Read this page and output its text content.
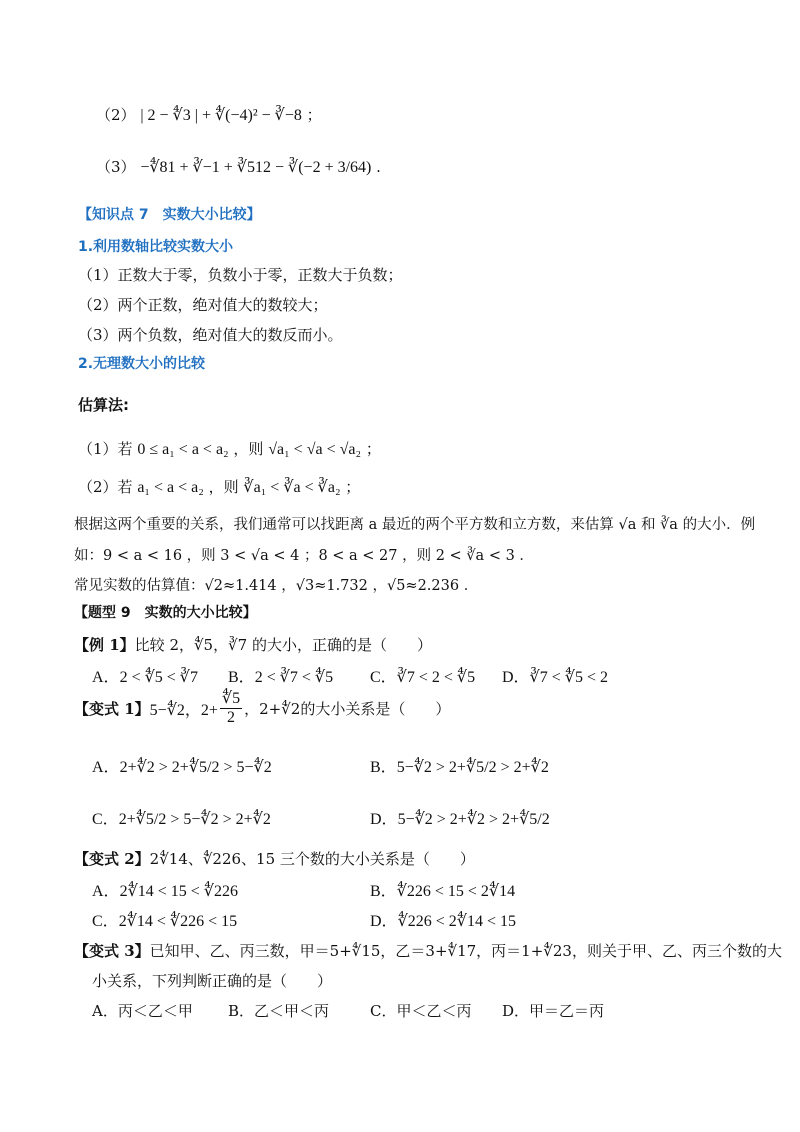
（2） | 2 − ∜3 | + ∜(−4)² − ∛−8 ；
（3） −∜81 + ∛−1 + ∛512 − ∛(−2 + 3/64) .
【知识点 7　实数大小比较】
1.利用数轴比较实数大小
（1）正数大于零，负数小于零，正数大于负数；
（2）两个正数，绝对值大的数较大；
（3）两个负数，绝对值大的数反而小。
2.无理数大小的比较
估算法:
（1）若 0 ≤ a₁ < a < a₂ ，则 √a₁ < √a < √a₂ ；
（2）若 a₁ < a < a₂ ，则 ∛a₁ < ∛a < ∛a₂ ；
根据这两个重要的关系，我们通常可以找距离 a 最近的两个平方数和立方数，来估算 √a 和 ∛a 的大小．例
如：9 < a < 16 ，则 3 < √a < 4 ；8 < a < 27 ，则 2 < ∛a < 3 ．
常见实数的估算值：√2≈1.414 ，√3≈1.732 ，√5≈2.236 ．
【题型 9　实数的大小比较】
【例 1】比较 2，∜5，∛7 的大小，正确的是（　　）
A．2 < ∜5 < ∛7 B．2 < ∛7 < ∜5 C．∛7 < 2 < ∜5 D．∛7 < ∜5 < 2
【变式 1】5−∜2，$2+ \frac{∜5}{2}$ ，2+∜2的大小关系是（　　）
A．2+∜2 > 2+∜5/2 > 5−∜2	B．5−∜2 > 2+∜5/2 > 2+∜2
C．2+∜5/2 > 5−∜2 > 2+∜2	D．5−∜2 > 2+∜2 > 2+∜5/2
【变式 2】2∜14、∜226、15 三个数的大小关系是（　　）
A．2∜14 < 15 < ∜226	B．∜226 < 15 < 2∜14
C．2∜14 < ∜226 < 15	D．∜226 < 2∜14 < 15
【变式 3】已知甲、乙、丙三数，甲＝5+∜15，乙＝3+∜17，丙＝1+∜23，则关于甲、乙、丙三个数的大
小关系，下列判断正确的是（　　）
A．丙＜乙＜甲 B．乙＜甲＜丙	C．甲＜乙＜丙 D．甲＝乙＝丙
